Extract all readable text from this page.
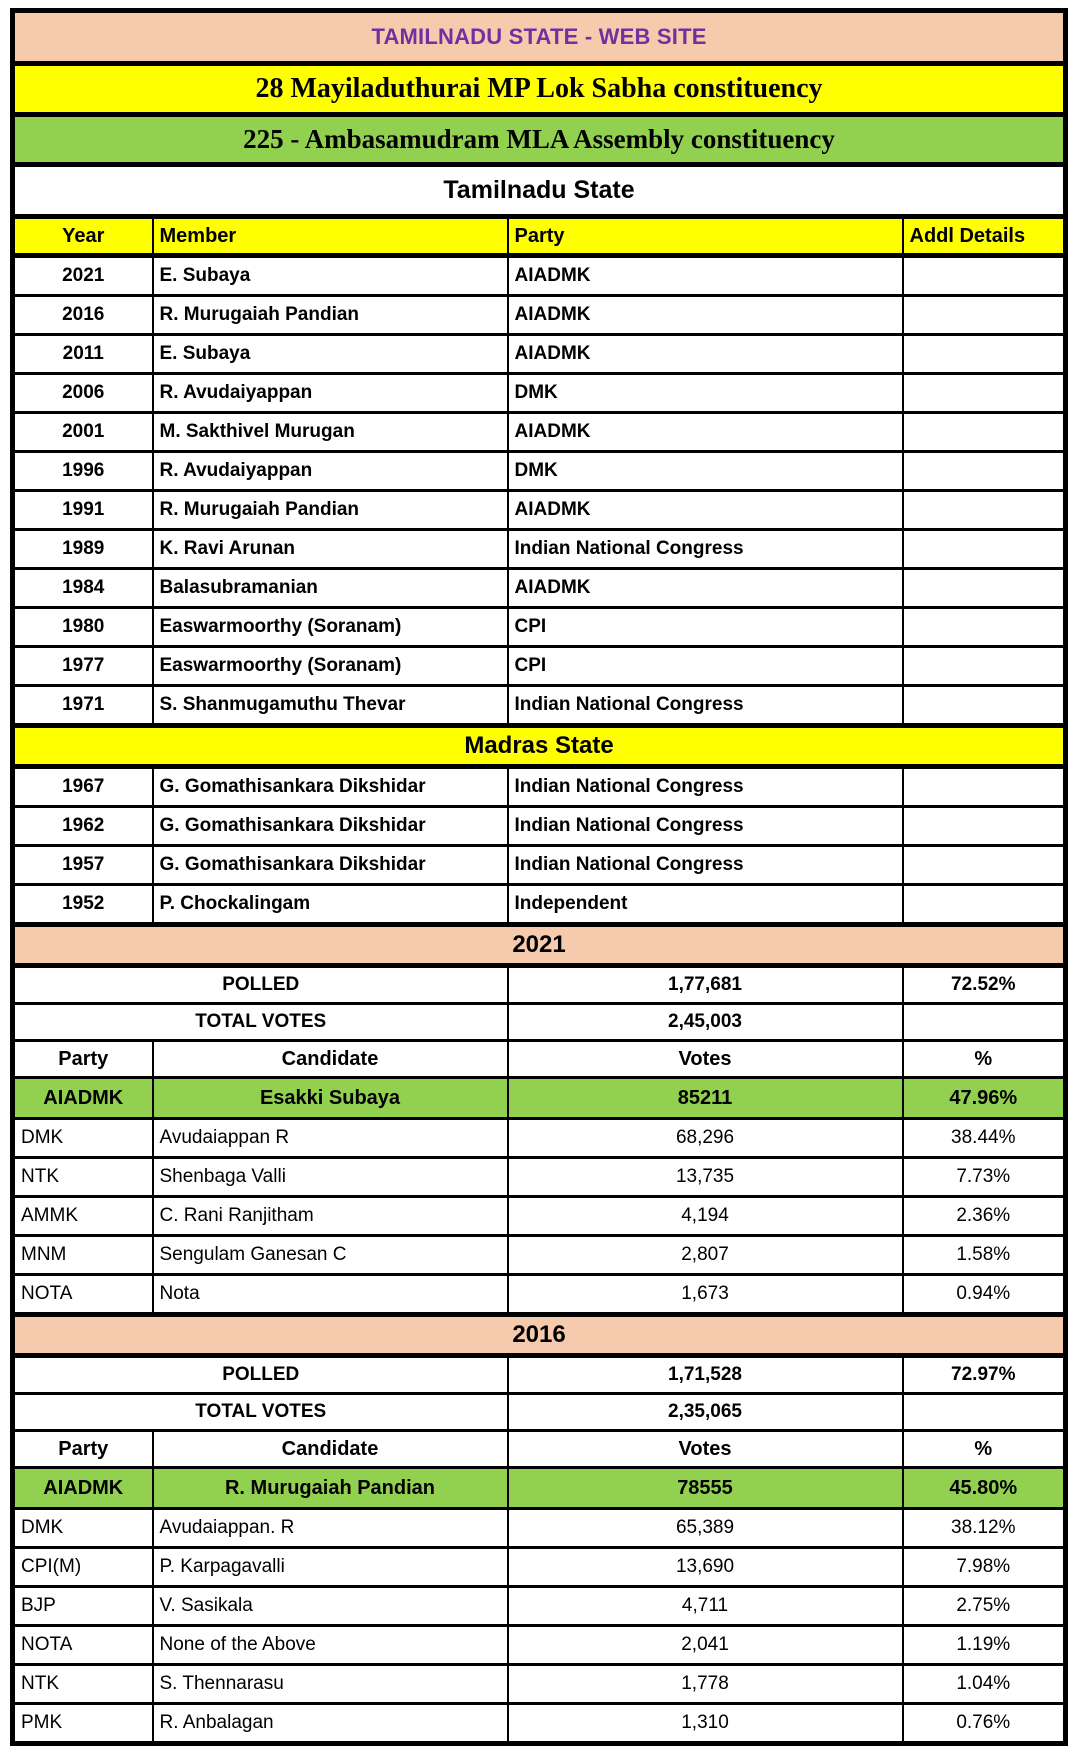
TAMILNADU STATE - WEB SITE			
28 Mayiladuthurai MP Lok Sabha constituency			
225 - Ambasamudram MLA Assembly constituency			
Tamilnadu State			
Year	Member	Party	Addl Details
2021	E. Subaya	AIADMK	
2016	R. Murugaiah Pandian	AIADMK	
2011	E. Subaya	AIADMK	
2006	R. Avudaiyappan	DMK	
2001	M. Sakthivel Murugan	AIADMK	
1996	R. Avudaiyappan	DMK	
1991	R. Murugaiah Pandian	AIADMK	
1989	K. Ravi Arunan	Indian National Congress	
1984	Balasubramanian	AIADMK	
1980	Easwarmoorthy (Soranam)	CPI	
1977	Easwarmoorthy (Soranam)	CPI	
1971	S. Shanmugamuthu Thevar	Indian National Congress	
Madras State			
1967	G. Gomathisankara Dikshidar	Indian National Congress	
1962	G. Gomathisankara Dikshidar	Indian National Congress	
1957	G. Gomathisankara Dikshidar	Indian National Congress	
1952	P. Chockalingam	Independent	
2021			
POLLED		1,77,681	72.52%
TOTAL VOTES		2,45,003	
Party	Candidate	Votes	%
AIADMK	Esakki Subaya	85211	47.96%
DMK	Avudaiappan R	68,296	38.44%
NTK	Shenbaga Valli	13,735	7.73%
AMMK	C. Rani Ranjitham	4,194	2.36%
MNM	Sengulam Ganesan C	2,807	1.58%
NOTA	Nota	1,673	0.94%
2016			
POLLED		1,71,528	72.97%
TOTAL VOTES		2,35,065	
Party	Candidate	Votes	%
AIADMK	R. Murugaiah Pandian	78555	45.80%
DMK	Avudaiappan. R	65,389	38.12%
CPI(M)	P. Karpagavalli	13,690	7.98%
BJP	V. Sasikala	4,711	2.75%
NOTA	None of the Above	2,041	1.19%
NTK	S. Thennarasu	1,778	1.04%
PMK	R. Anbalagan	1,310	0.76%
